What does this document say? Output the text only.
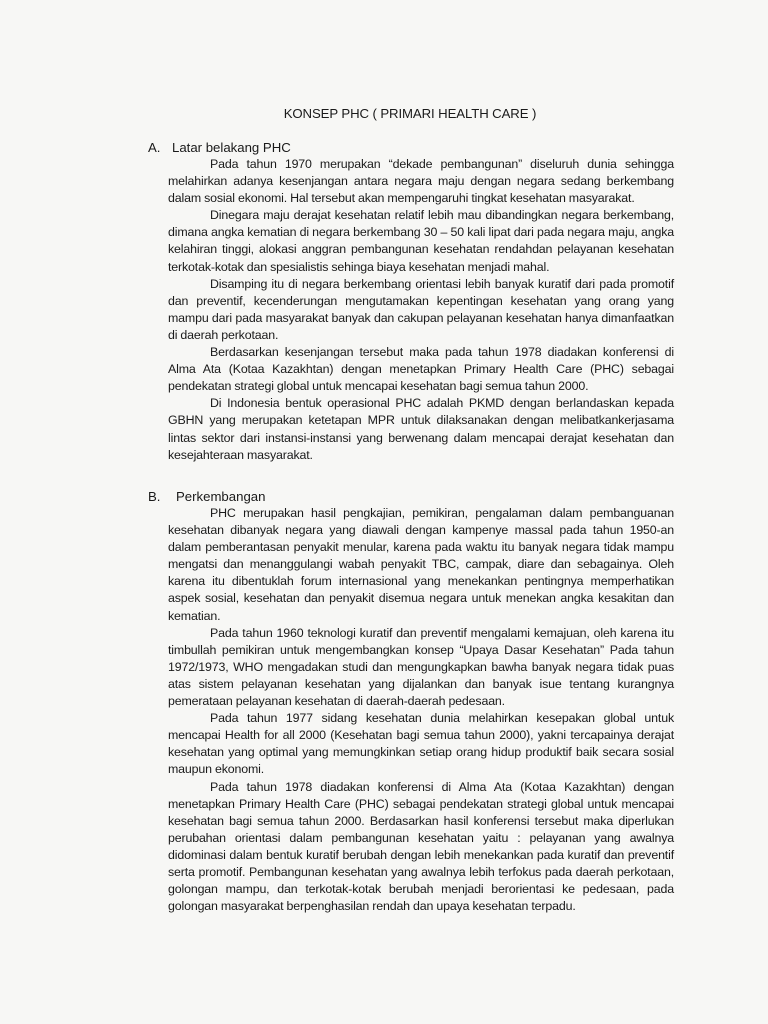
KONSEP PHC ( PRIMARI HEALTH CARE )
A. Latar belakang PHC

Pada tahun 1970 merupakan “dekade pembangunan” diseluruh dunia sehingga melahirkan adanya kesenjangan antara negara maju dengan negara sedang berkembang dalam sosial ekonomi. Hal tersebut akan mempengaruhi tingkat kesehatan masyarakat.

Dinegara maju derajat kesehatan relatif lebih mau dibandingkan negara berkembang, dimana angka kematian di negara berkembang 30 – 50 kali lipat dari pada negara maju, angka kelahiran tinggi, alokasi anggran pembangunan kesehatan rendahdan pelayanan kesehatan terkotak-kotak dan spesialistis sehinga biaya kesehatan menjadi mahal.

Disamping itu di negara berkembang orientasi lebih banyak kuratif dari pada promotif dan preventif, kecenderungan mengutamakan kepentingan kesehatan yang orang yang mampu dari pada masyarakat banyak dan cakupan pelayanan kesehatan hanya dimanfaatkan di daerah perkotaan.

Berdasarkan kesenjangan tersebut maka pada tahun 1978 diadakan konferensi di Alma Ata (Kotaa Kazakhtan) dengan menetapkan Primary Health Care (PHC) sebagai pendekatan strategi global untuk mencapai kesehatan bagi semua tahun 2000.

Di Indonesia bentuk operasional PHC adalah PKMD dengan berlandaskan kepada GBHN yang merupakan ketetapan MPR untuk dilaksanakan dengan melibatkankerjasama lintas sektor dari instansi-instansi yang berwenang dalam mencapai derajat kesehatan dan kesejahteraan masyarakat.

B. Perkembangan

PHC merupakan hasil pengkajian, pemikiran, pengalaman dalam pembanguanan kesehatan dibanyak negara yang diawali dengan kampenye massal pada tahun 1950-an dalam pemberantasan penyakit menular, karena pada waktu itu banyak negara tidak mampu mengatsi dan menanggulangi wabah penyakit TBC, campak, diare dan sebagainya. Oleh karena itu dibentuklah forum internasional yang menekankan pentingnya memperhatikan aspek sosial, kesehatan dan penyakit disemua negara untuk menekan angka kesakitan dan kematian.

Pada tahun 1960 teknologi kuratif dan preventif mengalami kemajuan, oleh karena itu timbullah pemikiran untuk mengembangkan konsep “Upaya Dasar Kesehatan” Pada tahun 1972/1973, WHO mengadakan studi dan mengungkapkan bawha banyak negara tidak puas atas sistem pelayanan kesehatan yang dijalankan dan banyak isue tentang kurangnya pemerataan pelayanan kesehatan di daerah-daerah pedesaan.

Pada tahun 1977 sidang kesehatan dunia melahirkan kesepakan global untuk mencapai Health for all 2000 (Kesehatan bagi semua tahun 2000), yakni tercapainya derajat kesehatan yang optimal yang memungkinkan setiap orang hidup produktif baik secara sosial maupun ekonomi.

Pada tahun 1978 diadakan konferensi di Alma Ata (Kotaa Kazakhtan) dengan menetapkan Primary Health Care (PHC) sebagai pendekatan strategi global untuk mencapai kesehatan bagi semua tahun 2000. Berdasarkan hasil konferensi tersebut maka diperlukan perubahan orientasi dalam pembangunan kesehatan yaitu : pelayanan yang awalnya didominasi dalam bentuk kuratif berubah dengan lebih menekankan pada kuratif dan preventif serta promotif. Pembangunan kesehatan yang awalnya lebih terfokus pada daerah perkotaan, golongan mampu, dan terkotak-kotak berubah menjadi berorientasi ke pedesaan, pada golongan masyarakat berpenghasilan rendah dan upaya kesehatan terpadu.
